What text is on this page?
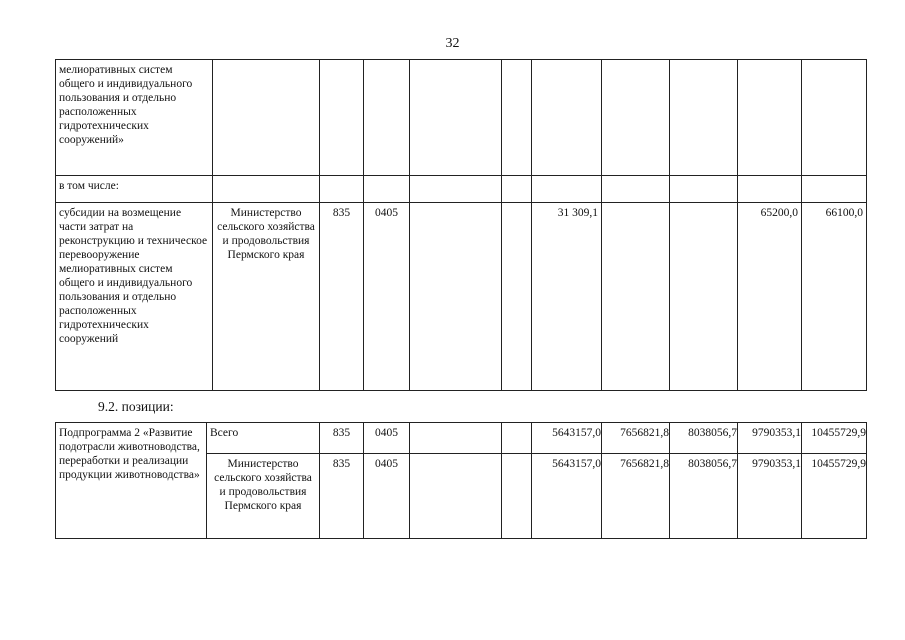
32
мелиоративных систем общего и индивидуального пользования и отдельно расположенных гидротехнических сооружений»										
в том числе:										
субсидии на возмещение части затрат на реконструкцию и техническое перевооружение мелиоративных систем общего и индивидуального пользования и отдельно расположенных гидротехнических сооружений	Министерство сельского хозяйства и продовольствия Пермского края	835	0405			31 309,1			65200,0	66100,0
9.2. позиции:
Подпрограмма 2 «Развитие подотрасли животноводства, переработки и реализации продукции животноводства»	Всего	835	0405			5643157,0	7656821,8	8038056,7	9790353,1	10455729,9
	Министерство сельского хозяйства и продовольствия Пермского края	835	0405			5643157,0	7656821,8	8038056,7	9790353,1	10455729,9
